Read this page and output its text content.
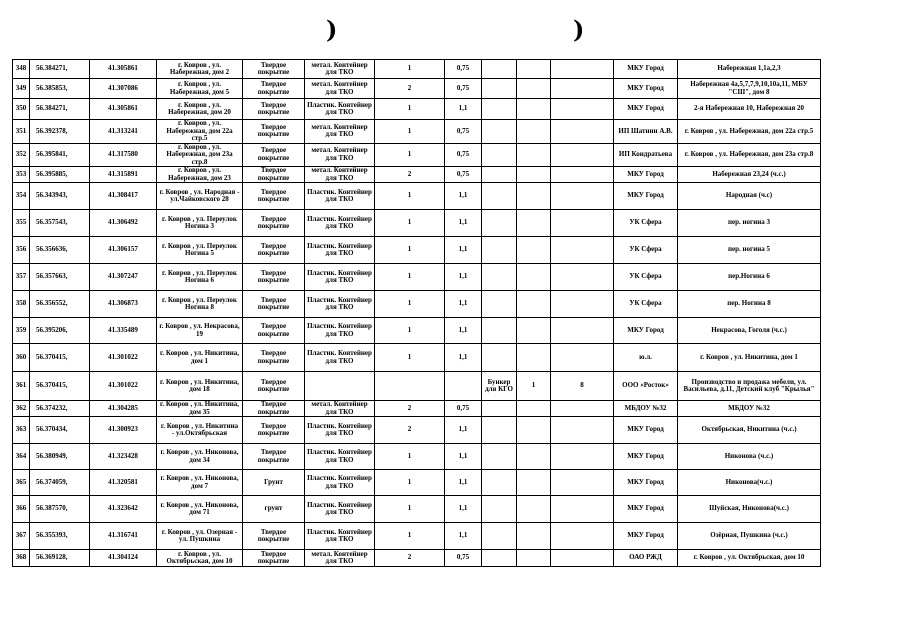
)	)
348	56.384271,	41.305861	г. Ковров , ул. Набережная, дом 2	Твердое покрытие	метал. Контейнер для ТКО	1	0,75				МКУ Город	Набережная 1,1а,2,3
349	56.385853,	41.307086	г. Ковров , ул. Набережная, дом 5	Твердое покрытие	метал. Контейнер для ТКО	2	0,75				МКУ Город	Набережная 4а,5,7,7,9,10,10а,11, МБУ "СШ", дом 8
350	56.384271,	41.305861	г. Ковров , ул. Набережная, дом 20	Твердое покрытие	Пластик. Контейнер для ТКО	1	1,1				МКУ Город	2-я Набережная 10, Набережная 20
351	56.392378,	41.313241	г. Ковров , ул. Набережная, дом 22а стр.5	Твердое покрытие	метал. Контейнер для ТКО	1	0,75				ИП Шатнин А.В.	г. Ковров , ул. Набережная, дом 22а стр.5
352	56.395841,	41.317580	г. Ковров , ул. Набережная, дом 23а стр.8	Твердое покрытие	метал. Контейнер для ТКО	1	0,75				ИП Кондратьева	г. Ковров , ул. Набережная, дом 23а стр.8
353	56.395885,	41.315891	г. Ковров , ул. Набережная, дом 23	Твердое покрытие	метал. Контейнер для ТКО	2	0,75				МКУ Город	Набережная 23,24 (ч.с.)
354	56.343943,	41.308417	г. Ковров , ул. Народная - ул.Чайковского 28	Твердое покрытие	Пластик. Контейнер для ТКО	1	1,1				МКУ Город	Народная (ч.с)
355	56.357543,	41.306492	г. Ковров , ул. Переулок Ногина 3	Твердое покрытие	Пластик. Контейнер для ТКО	1	1,1				УК Сфера	пер. ногина 3
356	56.356636,	41.306157	г. Ковров , ул. Переулок Ногина 5	Твердое покрытие	Пластик. Контейнер для ТКО	1	1,1				УК Сфера	пер. ногина 5
357	56.357663,	41.307247	г. Ковров , ул. Переулок Ногина 6	Твердое покрытие	Пластик. Контейнер для ТКО	1	1,1				УК Сфера	пер.Ногина 6
358	56.356552,	41.306873	г. Ковров , ул. Переулок Ногина 8	Твердое покрытие	Пластик. Контейнер для ТКО	1	1,1				УК Сфера	пер. Ногина 8
359	56.395206,	41.335489	г. Ковров , ул. Некрасова, 19	Твердое покрытие	Пластик. Контейнер для ТКО	1	1,1				МКУ Город	Некрасова, Гоголя (ч.с.)
360	56.370415,	41.301022	г. Ковров , ул. Никитина, дом 1	Твердое покрытие	Пластик. Контейнер для ТКО	1	1,1				ю.л.	г. Ковров , ул. Никитина, дом 1
361	56.370415,	41.301022	г. Ковров , ул. Никитина, дом 18	Твердое покрытие				Бункер для КГО	1	8	ООО «Росток»	Производство и продажа мебели, ул. Васильева, д.11, Детский клуб "Крылья"
362	56.374232,	41.304285	г. Ковров , ул. Никитина, дом 35	Твердое покрытие	метал. Контейнер для ТКО	2	0,75				МБДОУ №32	МБДОУ №32
363	56.370434,	41.300923	г. Ковров , ул. Никитина - ул.Октябрьская	Твердое покрытие	Пластик. Контейнер для ТКО	2	1,1				МКУ Город	Октябрьская, Никитина (ч.с.)
364	56.380949,	41.323428	г. Ковров , ул. Никонова, дом 34	Твердое покрытие	Пластик. Контейнер для ТКО	1	1,1				МКУ Город	Никонова (ч.с.)
365	56.374059,	41.320581	г. Ковров , ул. Никонова, дом 7	Грунт	Пластик. Контейнер для ТКО	1	1,1				МКУ Город	Никонова(ч.с.)
366	56.387570,	41.323642	г. Ковров , ул. Никонова, дом 71	грунт	Пластик. Контейнер для ТКО	1	1,1				МКУ Город	Шуйская, Никонова(ч.с.)
367	56.355393,	41.316741	г. Ковров , ул. Озерная - ул. Пушкина	Твердое покрытие	Пластик. Контейнер для ТКО	1	1,1				МКУ Город	Озёрная, Пушкина (ч.с.)
368	56.369128,	41.304124	г. Ковров , ул. Октябрьская, дом 10	Твердое покрытие	метал. Контейнер для ТКО	2	0,75				ОАО РЖД	г. Ковров , ул. Октябрьская, дом 10
